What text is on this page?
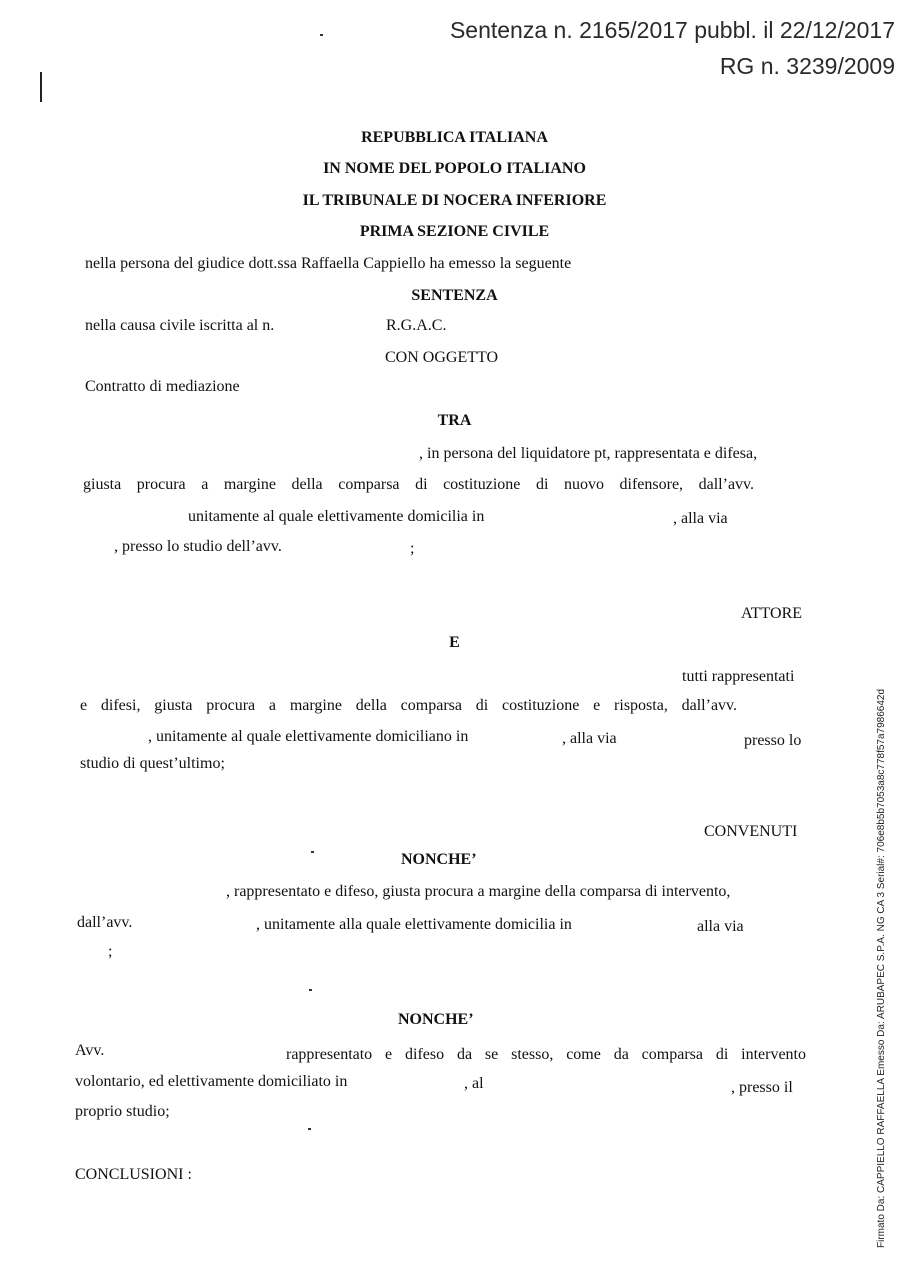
Sentenza n. 2165/2017 pubbl. il 22/12/2017
RG n. 3239/2009
REPUBBLICA ITALIANA
IN NOME DEL POPOLO ITALIANO
IL TRIBUNALE DI NOCERA INFERIORE
PRIMA SEZIONE CIVILE
nella persona del giudice dott.ssa Raffaella Cappiello ha emesso la seguente
SENTENZA
nella causa civile iscritta al n.	R.G.A.C.
CON OGGETTO
Contratto di mediazione
TRA
, in persona del liquidatore pt, rappresentata e difesa,
giusta procura a margine della comparsa di costituzione di nuovo difensore, dall’avv.
unitamente al quale elettivamente domicilia in	, alla via
, presso lo studio dell’avv.	;
ATTORE
E
tutti rappresentati
e difesi, giusta procura a margine della comparsa di costituzione e risposta, dall’avv.
, unitamente al quale elettivamente domiciliano in	, alla via	presso lo
studio di quest’ultimo;
CONVENUTI
NONCHE’
, rappresentato e difeso, giusta procura a margine della comparsa di intervento,
dall’avv.	, unitamente alla quale elettivamente domicilia in	alla via
;
NONCHE’
Avv.	rappresentato e difeso da se stesso, come da comparsa di intervento
volontario, ed elettivamente domiciliato in	, al	, presso il
proprio studio;
CONCLUSIONI :	Firmato Da: CAPPIELLO RAFFAELLA Emesso Da: ARUBAPEC S.P.A. NG CA 3 Serial#: 706e8b5b7053a8c778f57a7986642d
